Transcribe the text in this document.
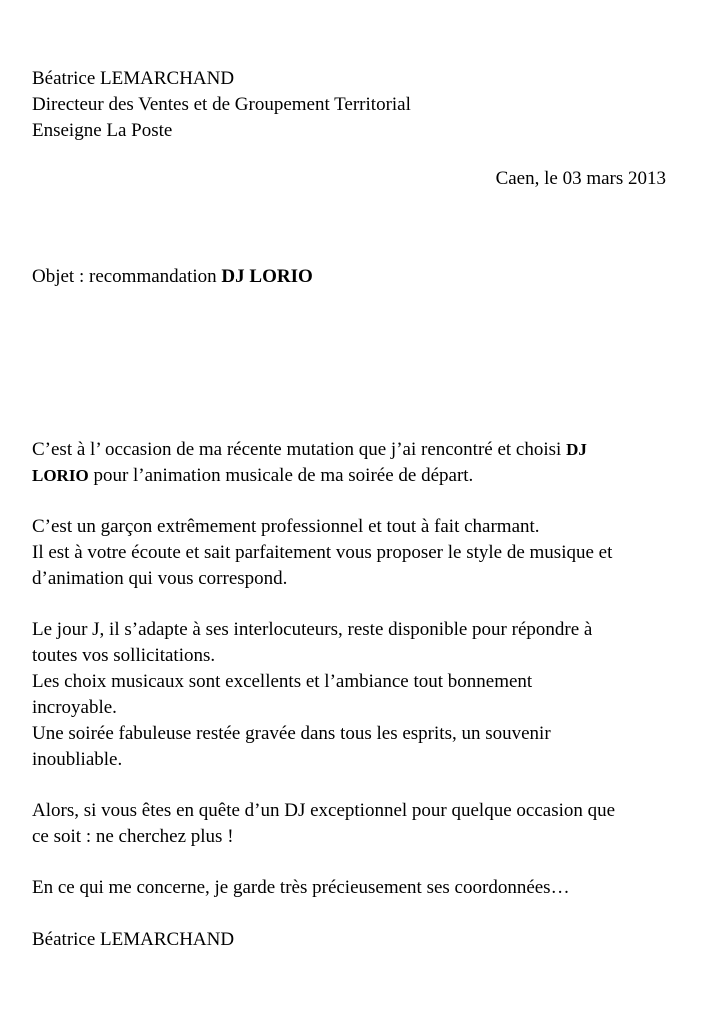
Béatrice LEMARCHAND
Directeur des Ventes et de Groupement Territorial
Enseigne La Poste
Caen, le 03 mars 2013
Objet : recommandation DJ LORIO
C’est à l’ occasion de ma récente mutation que j’ai rencontré et choisi DJ
LORIO pour l’animation musicale de ma soirée de départ.
C’est un garçon extrêmement professionnel et tout à fait charmant.
Il est à votre écoute et sait parfaitement vous proposer le style de musique et
d’animation qui vous correspond.
Le jour J, il s’adapte à ses interlocuteurs, reste disponible pour répondre à
toutes vos sollicitations.
Les choix musicaux sont excellents et l’ambiance tout bonnement
incroyable.
Une soirée fabuleuse restée gravée dans tous les esprits, un souvenir
inoubliable.
Alors, si vous êtes en quête d’un DJ exceptionnel pour quelque occasion que
ce soit : ne cherchez plus !
En ce qui me concerne, je garde très précieusement ses coordonnées…
Béatrice LEMARCHAND
